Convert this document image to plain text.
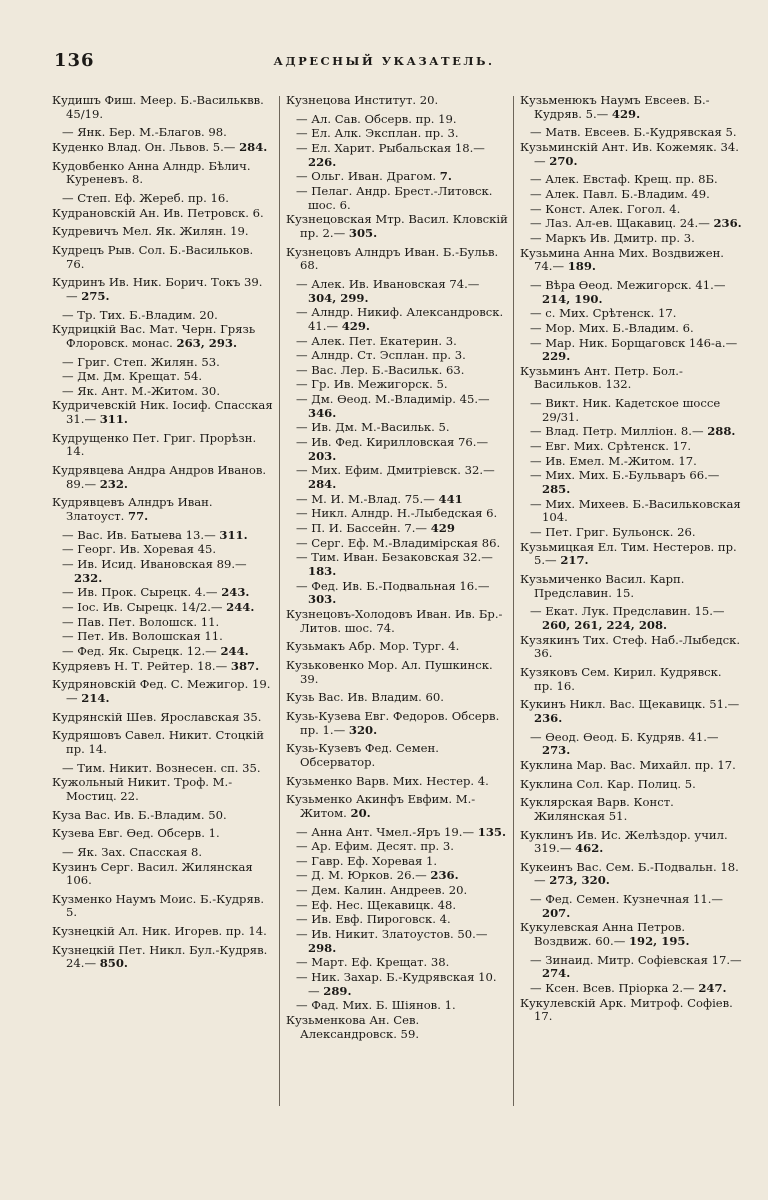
136	АДРЕСНЫЙ УКАЗАТЕЛЬ.
Кудишъ Фиш. Меер. Б.-Васильквв. 45/19.
— Янк. Бер. М.-Благов. 98.
Куденко Влад. Он. Львов. 5.— 284.
Кудовбенко Анна Алндр. Бѣлич. Куреневъ. 8.
— Степ. Еф. Жереб. пр. 16.
Кудрановскій Ан. Ив. Петровск. 6.
Кудревичъ Мел. Як. Жилян. 19.
Кудрецъ Рыв. Сол. Б.-Васильков. 76.
Кудринъ Ив. Ник. Борич. Токъ 39.— 275.
— Тр. Тих. Б.-Владим. 20.
Кудрицкій Вас. Мат. Черн. Грязь Флоровск. монас. 263, 293.
— Григ. Степ. Жилян. 53.
— Дм. Дм. Крещат. 54.
— Як. Ант. М.-Житом. 30.
Кудричевскій Ник. Іосиф. Спасская 31.— 311.
Кудрущенко Пет. Григ. Прорѣзн. 14.
Кудрявцева Андра Андров Иванов. 89.— 232.
Кудрявцевъ Алндръ Иван. Златоуст. 77.
— Вас. Ив. Батыева 13.— 311.
— Георг. Ив. Хоревая 45.
— Ив. Исид. Ивановская 89.— 232.
— Ив. Прок. Сырецк. 4.— 243.
— Іос. Ив. Сырецк. 14/2.— 244.
— Пав. Пет. Волошск. 11.
— Пет. Ив. Волошская 11.
— Фед. Як. Сырецк. 12.— 244.
Кудряевъ Н. Т. Рейтер. 18.— 387.
Кудряновскій Фед. С. Межигор. 19.— 214.
Кудрянскій Шев. Ярославская 35.
Кудряшовъ Савел. Никит. Стоцкій пр. 14.
— Тим. Никит. Вознесен. сп. 35.
Кужольный Никит. Троф. М.-Мостиц. 22.
Куза Вас. Ив. Б.-Владим. 50.
Кузева Евг. Өед. Обсерв. 1.
— Як. Зах. Спасская 8.
Кузинъ Серг. Васил. Жилянская 106.
Кузменко Наумъ Моис. Б.-Кудряв. 5.
Кузнецкій Ал. Ник. Игорев. пр. 14.
Кузнецкій Пет. Никл. Бул.-Кудряв. 24.— 850.
Кузнецова Институт. 20.
— Ал. Сав. Обсерв. пр. 19.
— Ел. Алк. Эксплан. пр. 3.
— Ел. Харит. Рыбальская 18.— 226.
— Ольг. Иван. Драгом. 7.
— Пелаг. Андр. Брест.-Литовск. шос. 6.
Кузнецовская Мтр. Васил. Кловскій пр. 2.— 305.
Кузнецовъ Алндръ Иван. Б.-Бульв. 68.
— Алек. Ив. Ивановская 74.— 304, 299.
— Алндр. Никиф. Александровск. 41.— 429.
— Алек. Пет. Екатерин. 3.
— Алндр. Ст. Эсплан. пр. 3.
— Вас. Лер. Б.-Васильк. 63.
— Гр. Ив. Межигорск. 5.
— Дм. Өеод. М.-Владимір. 45.— 346.
— Ив. Дм. М.-Васильк. 5.
— Ив. Фед. Кирилловская 76.— 203.
— Мих. Ефим. Дмитріевск. 32.— 284.
— М. И. М.-Влад. 75.— 441
— Никл. Алндр. Н.-Лыбедская 6.
— П. И. Бассейн. 7.— 429
— Серг. Еф. М.-Владимірская 86.
— Тим. Иван. Безаковская 32.— 183.
— Фед. Ив. Б.-Подвальная 16.— 303.
Кузнецовъ-Холодовъ Иван. Ив. Бр.-Литов. шос. 74.
Кузьмакъ Абр. Мор. Тург. 4.
Кузьковенко Мор. Ал. Пушкинск. 39.
Кузь Вас. Ив. Владим. 60.
Кузь-Кузева Евг. Федоров. Обсерв. пр. 1.— 320.
Кузь-Кузевъ Фед. Семен. Обсерватор.
Кузьменко Варв. Мих. Нестер. 4.
Кузьменко Акинфъ Евфим. М.-Житом. 20.
— Анна Ант. Чмел.-Яръ 19.— 135.
— Ар. Ефим. Десят. пр. 3.
— Гавр. Еф. Хоревая 1.
— Д. М. Юрков. 26.— 236.
— Дем. Калин. Андреев. 20.
— Еф. Нес. Щекавицк. 48.
— Ив. Евф. Пироговск. 4.
— Ив. Никит. Златоустов. 50.— 298.
— Март. Еф. Крещат. 38.
— Ник. Захар. Б.-Кудрявская 10.— 289.
— Фад. Мих. Б. Шіянов. 1.
Кузьменкова Ан. Сев. Александровск. 59.
Кузьменюкъ Наумъ Евсеев. Б.-Кудряв. 5.— 429.
— Матв. Евсеев. Б.-Кудрявская 5.
Кузьминскій Ант. Ив. Кожемяк. 34.— 270.
— Алек. Евстаф. Крещ. пр. 8Б.
— Алек. Павл. Б.-Владим. 49.
— Конст. Алек. Гогол. 4.
— Лаз. Ал-ев. Щакавиц. 24.— 236.
— Маркъ Ив. Дмитр. пр. 3.
Кузьмина Анна Мих. Воздвижен. 74.— 189.
— Вѣра Өеод. Межигорск. 41.— 214, 190.
— с. Мих. Срѣтенск. 17.
— Мор. Мих. Б.-Владим. 6.
— Мар. Ник. Борщаговск 146-а.— 229.
Кузьминъ Ант. Петр. Бол.-Васильков. 132.
— Викт. Ник. Кадетское шоссе 29/31.
— Влад. Петр. Милліон. 8.— 288.
— Евг. Мих. Срѣтенск. 17.
— Ив. Емел. М.-Житом. 17.
— Мих. Мих. Б.-Бульваръ 66.— 285.
— Мих. Михеев. Б.-Васильковская 104.
— Пет. Григ. Бульонск. 26.
Кузьмицкая Ел. Тим. Нестеров. пр. 5.— 217.
Кузьмиченко Васил. Карп. Предславин. 15.
— Екат. Лук. Предславин. 15.— 260, 261, 224, 208.
Кузякинъ Тих. Стеф. Наб.-Лыбедск. 36.
Кузяковъ Сем. Кирил. Кудрявск. пр. 16.
Кукинъ Никл. Вас. Щекавицк. 51.— 236.
— Өеод. Өеод. Б. Кудряв. 41.— 273.
Куклина Мар. Вас. Михайл. пр. 17.
Куклина Сол. Кар. Полиц. 5.
Куклярская Варв. Конст. Жилянская 51.
Куклинъ Ив. Ис. Желѣздор. учил. 319.— 462.
Кукеинъ Вас. Сем. Б.-Подвальн. 18.— 273, 320.
— Фед. Семен. Кузнечная 11.— 207.
Кукулевская Анна Петров. Воздвиж. 60.— 192, 195.
— Зинаид. Митр. Софіевская 17.— 274.
— Ксен. Всев. Пріорка 2.— 247.
Кукулевскій Арк. Митроф. Софіев. 17.
